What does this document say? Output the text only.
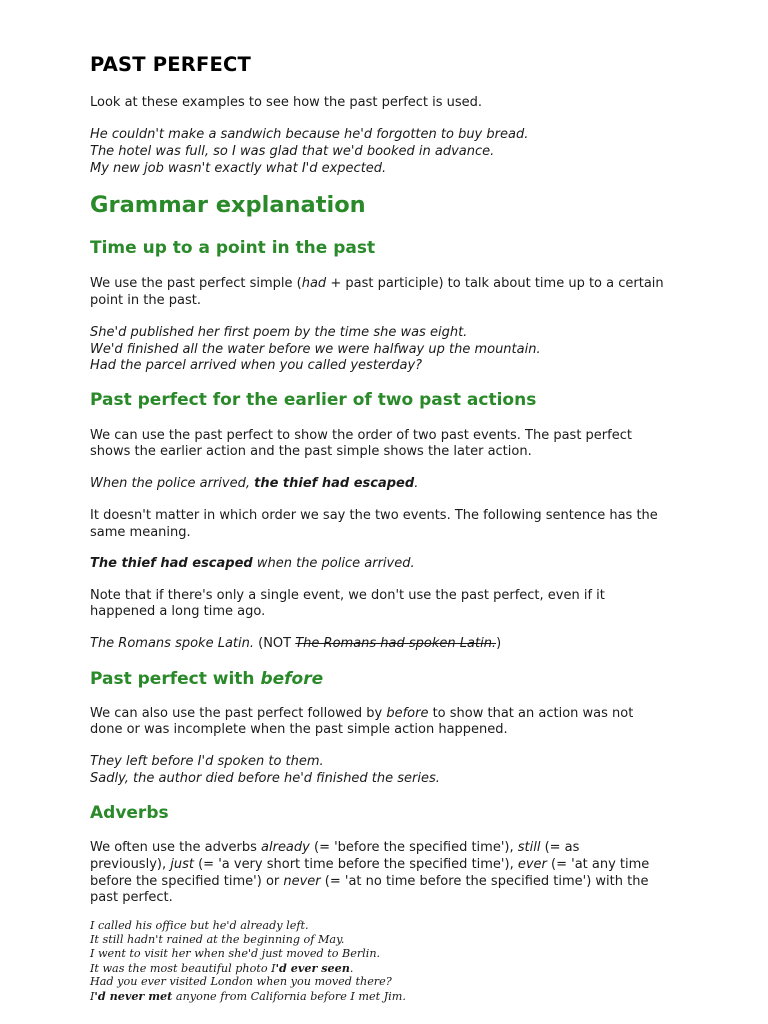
PAST PERFECT
Look at these examples to see how the past perfect is used.
He couldn't make a sandwich because he'd forgotten to buy bread.
The hotel was full, so I was glad that we'd booked in advance.
My new job wasn't exactly what I'd expected.
Grammar explanation
Time up to a point in the past
We use the past perfect simple (had + past participle) to talk about time up to a certain
point in the past.
She'd published her first poem by the time she was eight.
We'd finished all the water before we were halfway up the mountain.
Had the parcel arrived when you called yesterday?
Past perfect for the earlier of two past actions
We can use the past perfect to show the order of two past events. The past perfect
shows the earlier action and the past simple shows the later action.
When the police arrived, the thief had escaped.
It doesn't matter in which order we say the two events. The following sentence has the
same meaning.
The thief had escaped when the police arrived.
Note that if there's only a single event, we don't use the past perfect, even if it
happened a long time ago.
The Romans spoke Latin. (NOT The Romans had spoken Latin.)
Past perfect with before
We can also use the past perfect followed by before to show that an action was not
done or was incomplete when the past simple action happened.
They left before I'd spoken to them.
Sadly, the author died before he'd finished the series.
Adverbs
We often use the adverbs already (= 'before the specified time'), still (= as
previously), just (= 'a very short time before the specified time'), ever (= 'at any time
before the specified time') or never (= 'at no time before the specified time') with the
past perfect.
I called his office but he'd already left.
It still hadn't rained at the beginning of May.
I went to visit her when she'd just moved to Berlin.
It was the most beautiful photo I'd ever seen.
Had you ever visited London when you moved there?
I'd never met anyone from California before I met Jim.
